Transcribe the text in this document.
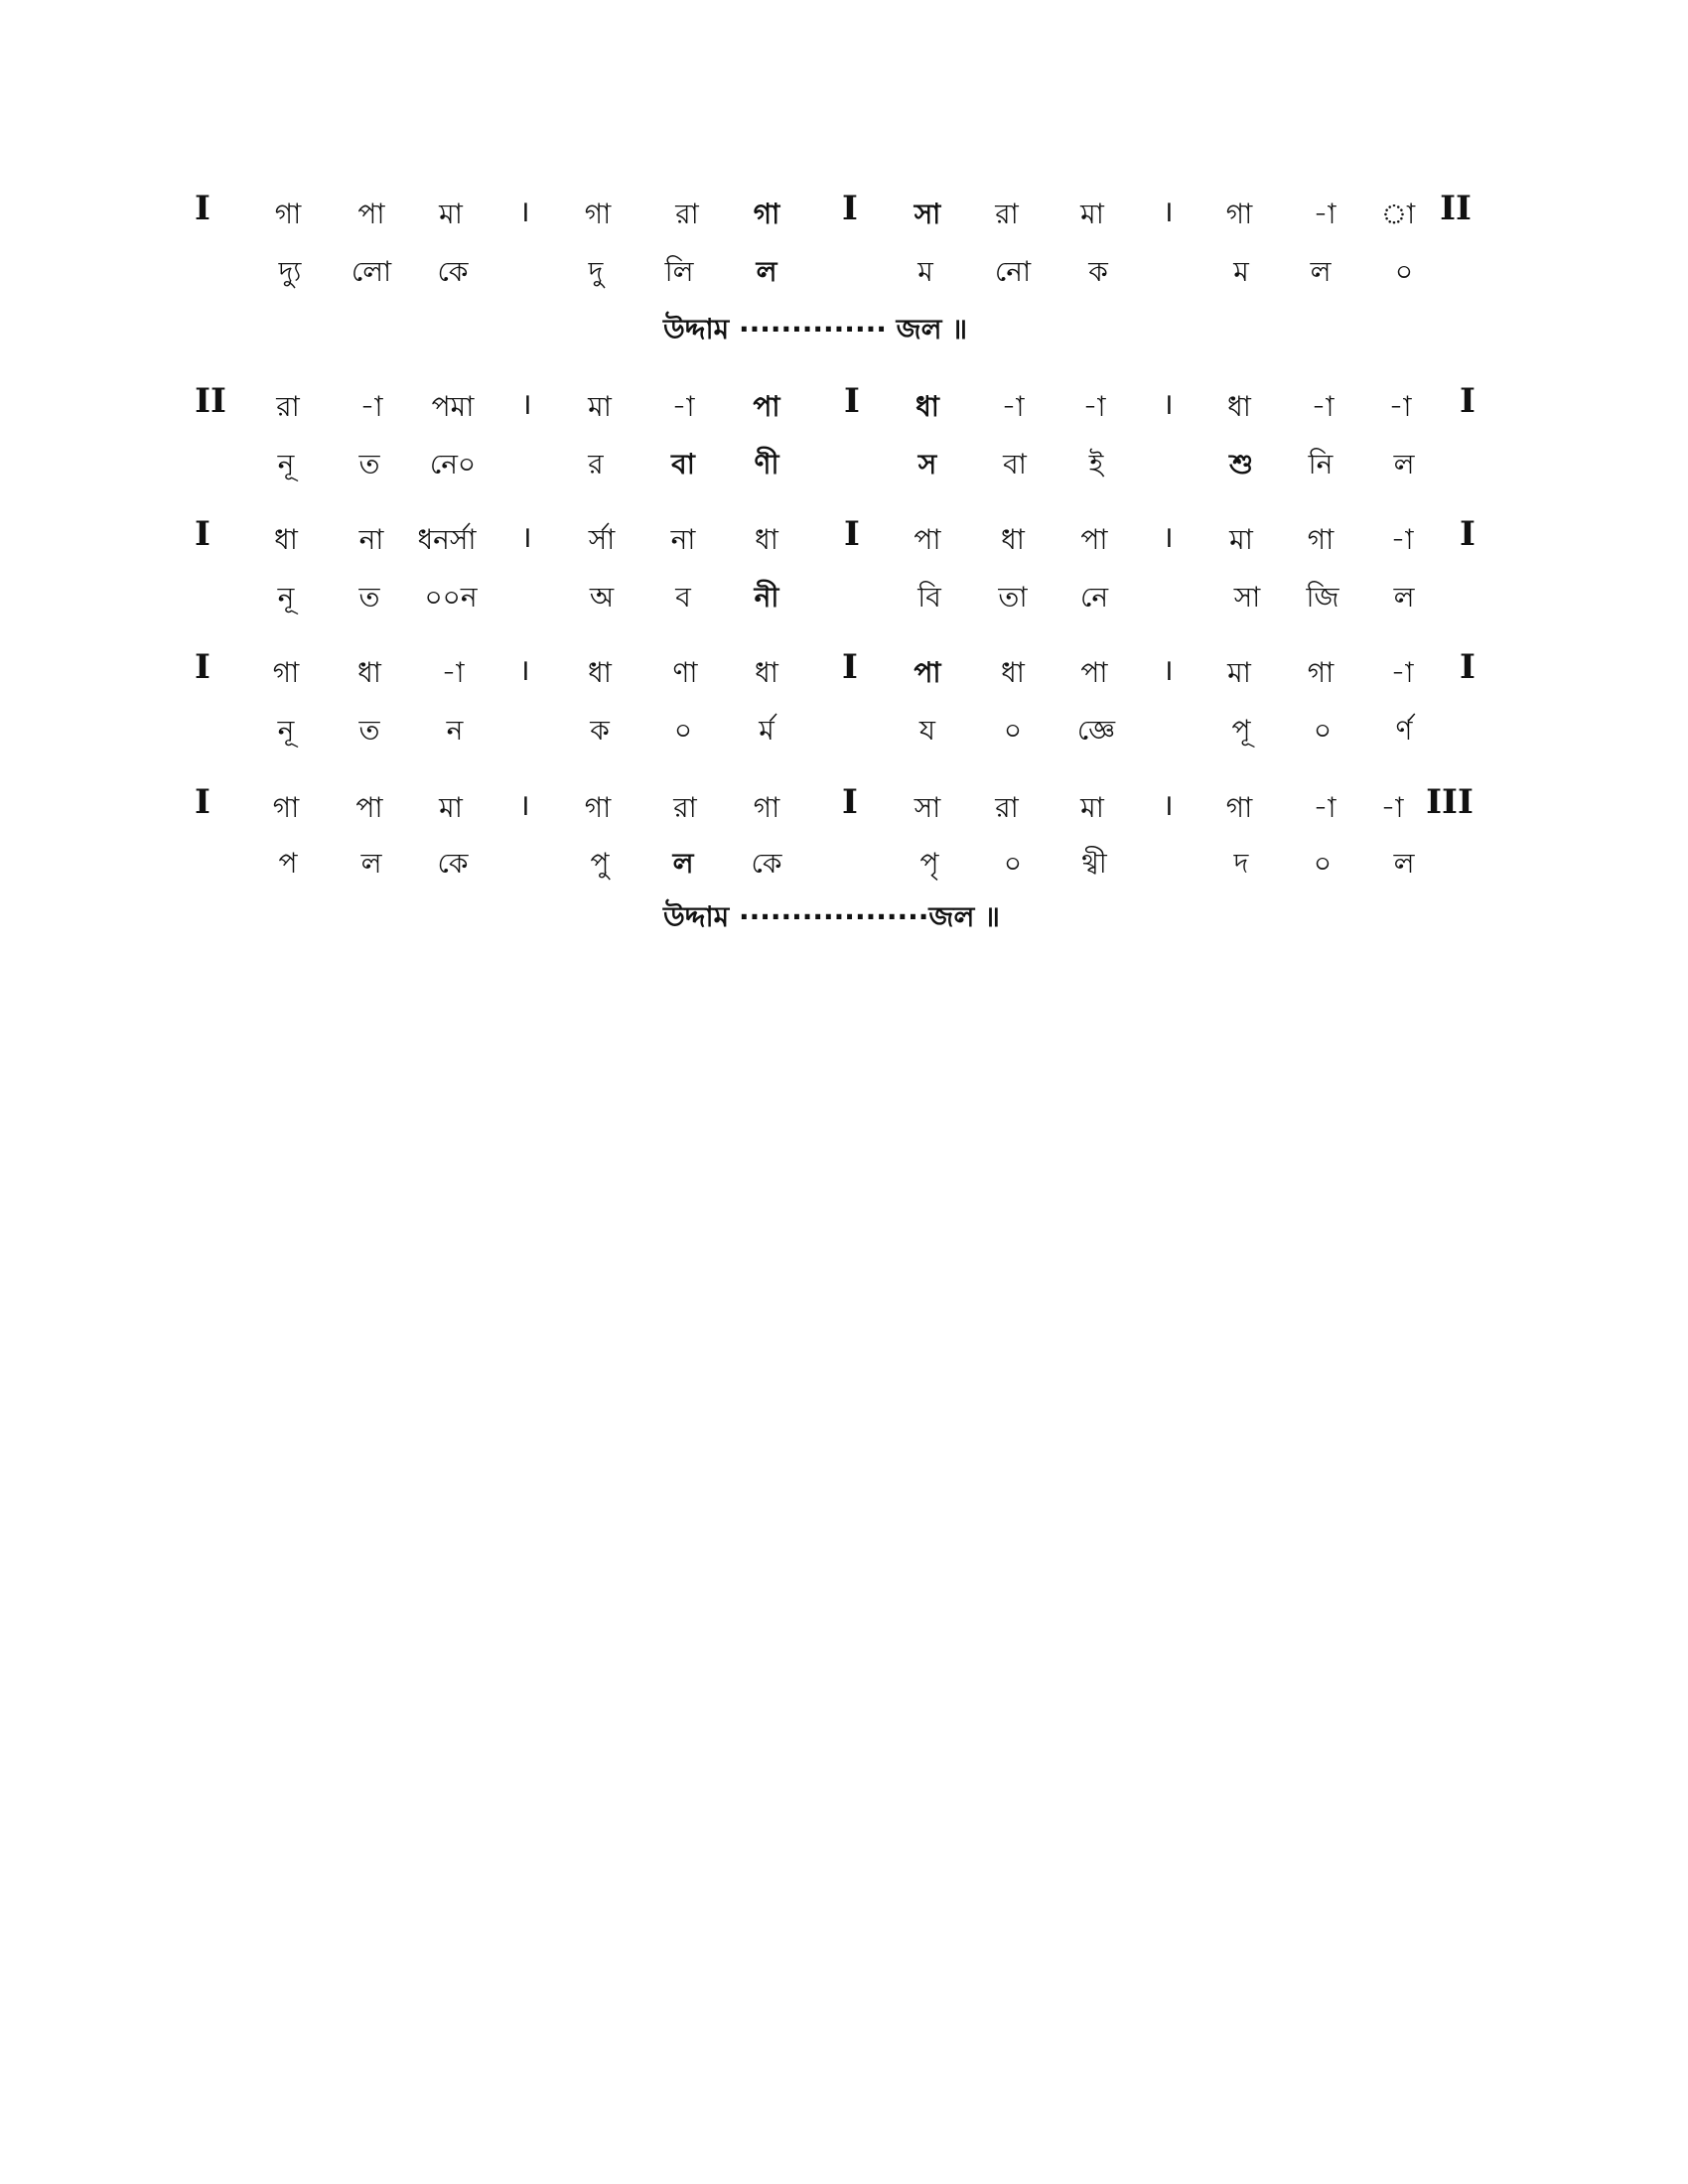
I গা পা মা । গা রা গা I সা রা মা । গা -া া II
দ্যু লো কে	দু লি ল	ম নো ক	ম ল ০
উদ্দাম ·············· জল ॥
II রা -া পমা । মা -া পা I ধা -া -া । ধা -া -া I
নূ ত নে০	র বা ণী	স বা ই	শু নি ল
I ধা না ধনর্সা । র্সা না ধা I পা ধা পা । মা গা -া I
নূ ত ০০ন	অ ব নী	বি তা নে	সা জি ল
I গা ধা -া । ধা ণা ধা I পা ধা পা । মা গা -া I
নূ ত ন	ক ০ র্ম	য ০ জ্ঞে	পূ ০ র্ণ
I গা পা মা । গা রা গা I সা রা মা । গা -া -া III
প ল কে	পু ল কে	পৃ ০ থ্বী	দ ০ ল
উদ্দাম ··················জল ॥
